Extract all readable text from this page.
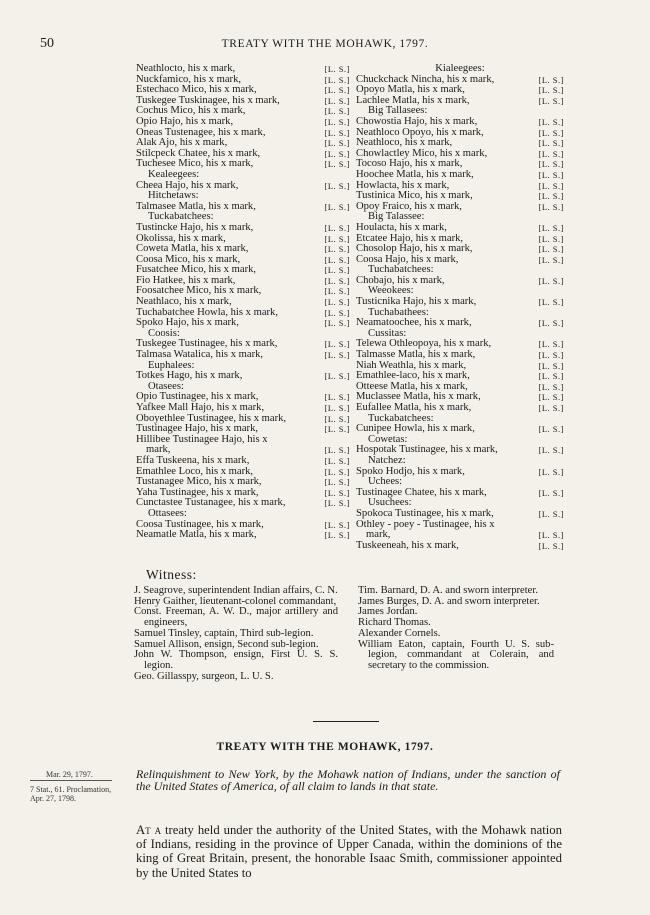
50	TREATY WITH THE MOHAWK, 1797.
Neathlocto, his x mark,	[L. S.]
Nuckfamico, his x mark,	[L. S.]
Estechaco Mico, his x mark,	[L. S.]
Tuskegee Tuskinagee, his x mark,	[L. S.]
Cochus Mico, his x mark,	[L. S.]
Opio Hajo, his x mark,	[L. S.]
Oneas Tustenagee, his x mark,	[L. S.]
Alak Ajo, his x mark,	[L. S.]
Stilcpeck Chatee, his x mark,	[L. S.]
Tuchesee Mico, his x mark,	[L. S.]
Kealeegees:
Cheea Hajo, his x mark,	[L. S.]
Hitchetaws:
Talmasee Matla, his x mark,	[L. S.]
Tuckabatchees:
Tustincke Hajo, his x mark,	[L. S.]
Okolissa, his x mark,	[L. S.]
Coweta Matla, his x mark,	[L. S.]
Coosa Mico, his x mark,	[L. S.]
Fusatchee Mico, his x mark,	[L. S.]
Fio Hatkee, his x mark,	[L. S.]
Foosatchee Mico, his x mark,	[L. S.]
Neathlaco, his x mark,	[L. S.]
Tuchabatchee Howla, his x mark,	[L. S.]
Spoko Hajo, his x mark,	[L. S.]
Coosis:
Tuskegee Tustinagee, his x mark,	[L. S.]
Talmasa Watalica, his x mark,	[L. S.]
Euphalees:
Totkes Hago, his x mark,	[L. S.]
Otasees:
Opio Tustinagee, his x mark,	[L. S.]
Yafkee Mall Hajo, his x mark,	[L. S.]
Oboyethlee Tustinagee, his x mark,	[L. S.]
Tustinagee Hajo, his x mark,	[L. S.]
Hillibee Tustinagee Hajo, his x
mark,	[L. S.]
Effa Tuskeena, his x mark,	[L. S.]
Emathlee Loco, his x mark,	[L. S.]
Tustanagee Mico, his x mark,	[L. S.]
Yaha Tustinagee, his x mark,	[L. S.]
Cunctastee Tustanagee, his x mark,	[L. S.]
Ottasees:
Coosa Tustinagee, his x mark,	[L. S.]
Neamatle Matla, his x mark,	[L. S.]
Kialeegees:
Chuckchack Nincha, his x mark,	[L. S.]
Opoyo Matla, his x mark,	[L. S.]
Lachlee Matla, his x mark,	[L. S.]
Big Tallasees:
Chowostia Hajo, his x mark,	[L. S.]
Neathloco Opoyo, his x mark,	[L. S.]
Neathloco, his x mark,	[L. S.]
Chowlactley Mico, his x mark,	[L. S.]
Tocoso Hajo, his x mark,	[L. S.]
Hoochee Matla, his x mark,	[L. S.]
Howlacta, his x mark,	[L. S.]
Tustinica Mico, his x mark,	[L. S.]
Opoy Fraico, his x mark,	[L. S.]
Big Talassee:
Houlacta, his x mark,	[L. S.]
Etcatee Hajo, his x mark,	[L. S.]
Chosolop Hajo, his x mark,	[L. S.]
Coosa Hajo, his x mark,	[L. S.]
Tuchabatchees:
Chobajo, his x mark,	[L. S.]
Weeokees:
Tusticnika Hajo, his x mark,	[L. S.]
Tuchabathees:
Neamatoochee, his x mark,	[L. S.]
Cussitas:
Telewa Othleopoya, his x mark,	[L. S.]
Talmasse Matla, his x mark,	[L. S.]
Niah Weathla, his x mark,	[L. S.]
Emathlee-laco, his x mark,	[L. S.]
Otteese Matla, his x mark,	[L. S.]
Muclassee Matla, his x mark,	[L. S.]
Eufallee Matla, his x mark,	[L. S.]
Tuckabatchees:
Cunipee Howla, his x mark,	[L. S.]
Cowetas:
Hospotak Tustinagee, his x mark,	[L. S.]
Natchez:
Spoko Hodjo, his x mark,	[L. S.]
Uchees:
Tustinagee Chatee, his x mark,	[L. S.]
Usuchees:
Spokoca Tustinagee, his x mark,	[L. S.]
Othley - poey - Tustinagee, his x
mark,	[L. S.]
Tuskeeneah, his x mark,	[L. S.]
Witness:

J. Seagrove, superintendent Indian affairs, C. N.

Henry Gaither, lieutenant-colonel commandant,

Const. Freeman, A. W. D., major artillery and engineers,

Samuel Tinsley, captain, Third sub-legion.

Samuel Allison, ensign, Second sub-legion.

John W. Thompson, ensign, First U. S. S. legion.

Geo. Gillasspy, surgeon, L. U. S.

Tim. Barnard, D. A. and sworn interpreter.

James Burges, D. A. and sworn interpreter.

James Jordan.

Richard Thomas.

Alexander Cornels.

William Eaton, captain, Fourth U. S. sub-legion, commandant at Colerain, and secretary to the commission.

TREATY WITH THE MOHAWK, 1797.
Mar. 29, 1797.
7 Stat., 61. Proclamation, Apr. 27, 1798.
Relinquishment to New York, by the Mohawk nation of Indians, under the sanction of the United States of America, of all claim to lands in that state.
At a treaty held under the authority of the United States, with the Mohawk nation of Indians, residing in the province of Upper Canada, within the dominions of the king of Great Britain, present, the honorable Isaac Smith, commissioner appointed by the United States to
